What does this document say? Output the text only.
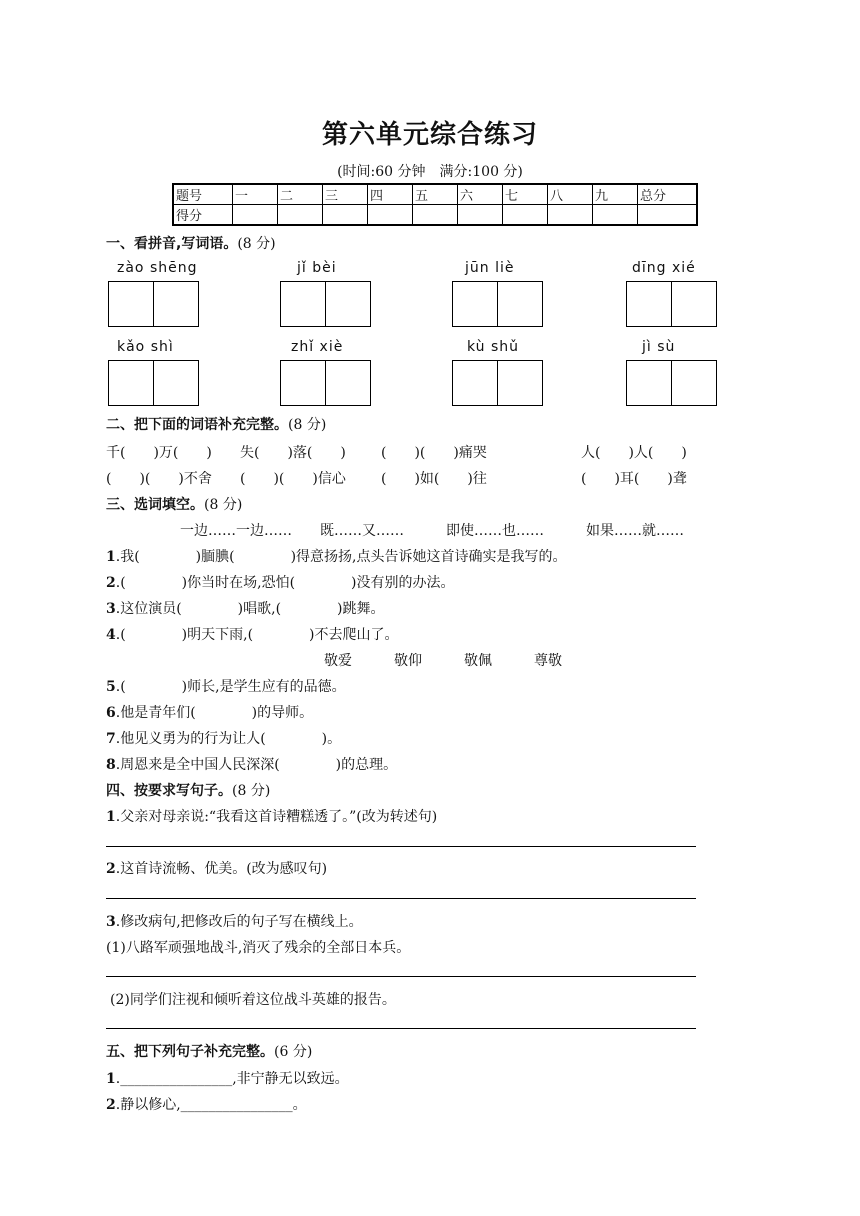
第六单元综合练习
(时间:60 分钟　满分:100 分)
题号	一	二	三	四	五	六	七	八	九	总分
得分										
一、看拼音,写词语。(8 分)
zào shēng	jǐ bèi	jūn liè	dīng xié
kǎo shì	zhǐ xiè	kù shǔ	jì sù
二、把下面的词语补充完整。(8 分)
千(　　)万(　　) 失(　　)落(　　)	(　　)(　　)痛哭	人(　　)人(　　)
(　　)(　　)不舍 (　　)(　　)信心	(　　)如(　　)往	(　　)耳(　　)聋
三、选词填空。(8 分)
一边……一边……　　既……又……　　　即使……也……　　　如果……就……
1.我(　　　　)腼腆(　　　　)得意扬扬,点头告诉她这首诗确实是我写的。
2.(　　　　)你当时在场,恐怕(　　　　)没有别的办法。
3.这位演员(　　　　)唱歌,(　　　　)跳舞。
4.(　　　　)明天下雨,(　　　　)不去爬山了。
敬爱　　　敬仰　　　敬佩　　　尊敬
5.(　　　　)师长,是学生应有的品德。
6.他是青年们(　　　　)的导师。
7.他见义勇为的行为让人(　　　　)。
8.周恩来是全中国人民深深(　　　　)的总理。
四、按要求写句子。(8 分)
1.父亲对母亲说:“我看这首诗糟糕透了。”(改为转述句)
2.这首诗流畅、优美。(改为感叹句)
3.修改病句,把修改后的句子写在横线上。
(1)八路军顽强地战斗,消灭了残余的全部日本兵。
(2)同学们注视和倾听着这位战斗英雄的报告。
五、把下列句子补充完整。(6 分)
1.________________,非宁静无以致远。
2.静以修心,________________。
